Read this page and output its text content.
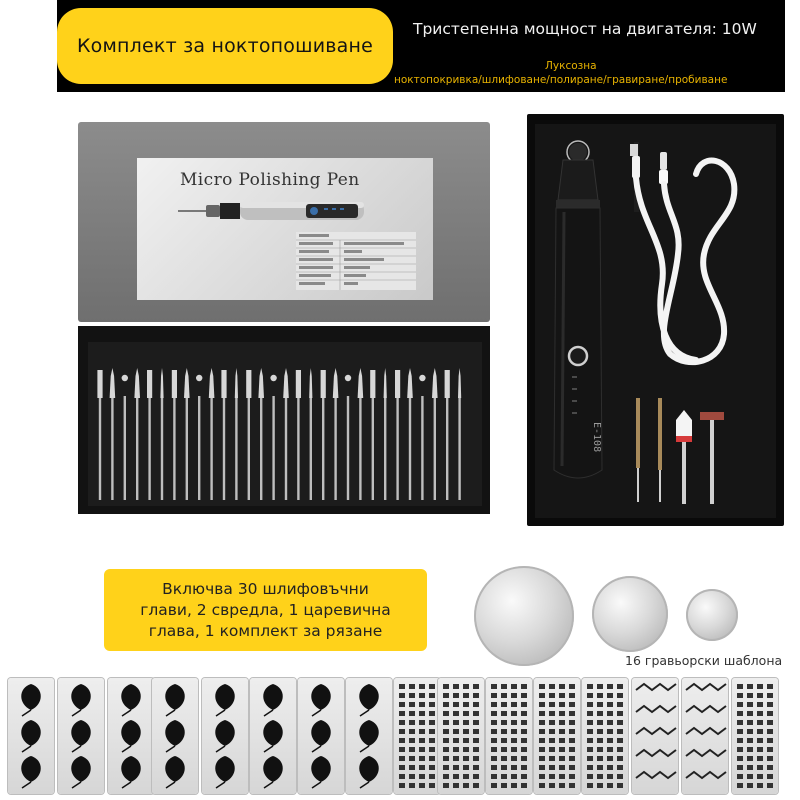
Комплект за ноктопошиване
Тристепенна мощност на двигателя: 10W
Луксозна
ноктопокривка/шлифоване/полиране/гравиране/пробиване
Micro Polishing Pen
E-108
Включва 30 шлифовъчни
глави, 2 свредла, 1 царевична
глава, 1 комплект за рязане
16 гравьорски шаблона
